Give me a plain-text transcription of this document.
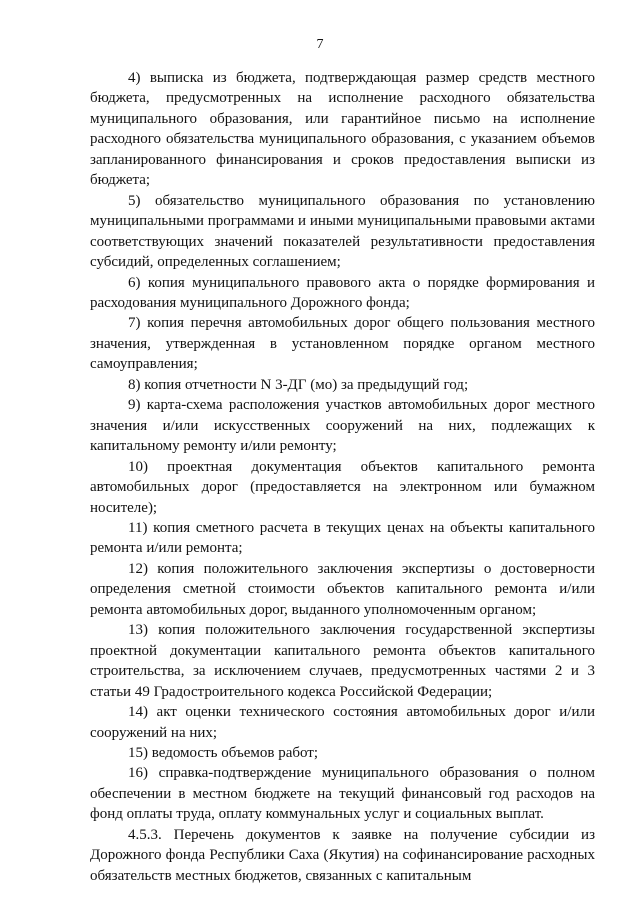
7

4) выписка из бюджета, подтверждающая размер средств местного бюджета, предусмотренных на исполнение расходного обязательства муниципального образования, или гарантийное письмо на исполнение расходного обязательства муниципального образования, с указанием объемов запланированного финансирования и сроков предоставления выписки из бюджета;

5) обязательство муниципального образования по установлению муниципальными программами и иными муниципальными правовыми актами соответствующих значений показателей результативности предоставления субсидий, определенных соглашением;

6) копия муниципального правового акта о порядке формирования и расходования муниципального Дорожного фонда;

7) копия перечня автомобильных дорог общего пользования местного значения, утвержденная в установленном порядке органом местного самоуправления;

8) копия отчетности N 3-ДГ (мо) за предыдущий год;

9) карта-схема расположения участков автомобильных дорог местного значения и/или искусственных сооружений на них, подлежащих к капитальному ремонту и/или ремонту;

10) проектная документация объектов капитального ремонта автомобильных дорог (предоставляется на электронном или бумажном носителе);

11) копия сметного расчета в текущих ценах на объекты капитального ремонта и/или ремонта;

12) копия положительного заключения экспертизы о достоверности определения сметной стоимости объектов капитального ремонта и/или ремонта автомобильных дорог, выданного уполномоченным органом;

13) копия положительного заключения государственной экспертизы проектной документации капитального ремонта объектов капитального строительства, за исключением случаев, предусмотренных частями 2 и 3 статьи 49 Градостроительного кодекса Российской Федерации;

14) акт оценки технического состояния автомобильных дорог и/или сооружений на них;

15) ведомость объемов работ;

16) справка-подтверждение муниципального образования о полном обеспечении в местном бюджете на текущий финансовый год расходов на фонд оплаты труда, оплату коммунальных услуг и социальных выплат.

4.5.3. Перечень документов к заявке на получение субсидии из Дорожного фонда Республики Саха (Якутия) на софинансирование расходных обязательств местных бюджетов, связанных с капитальным
